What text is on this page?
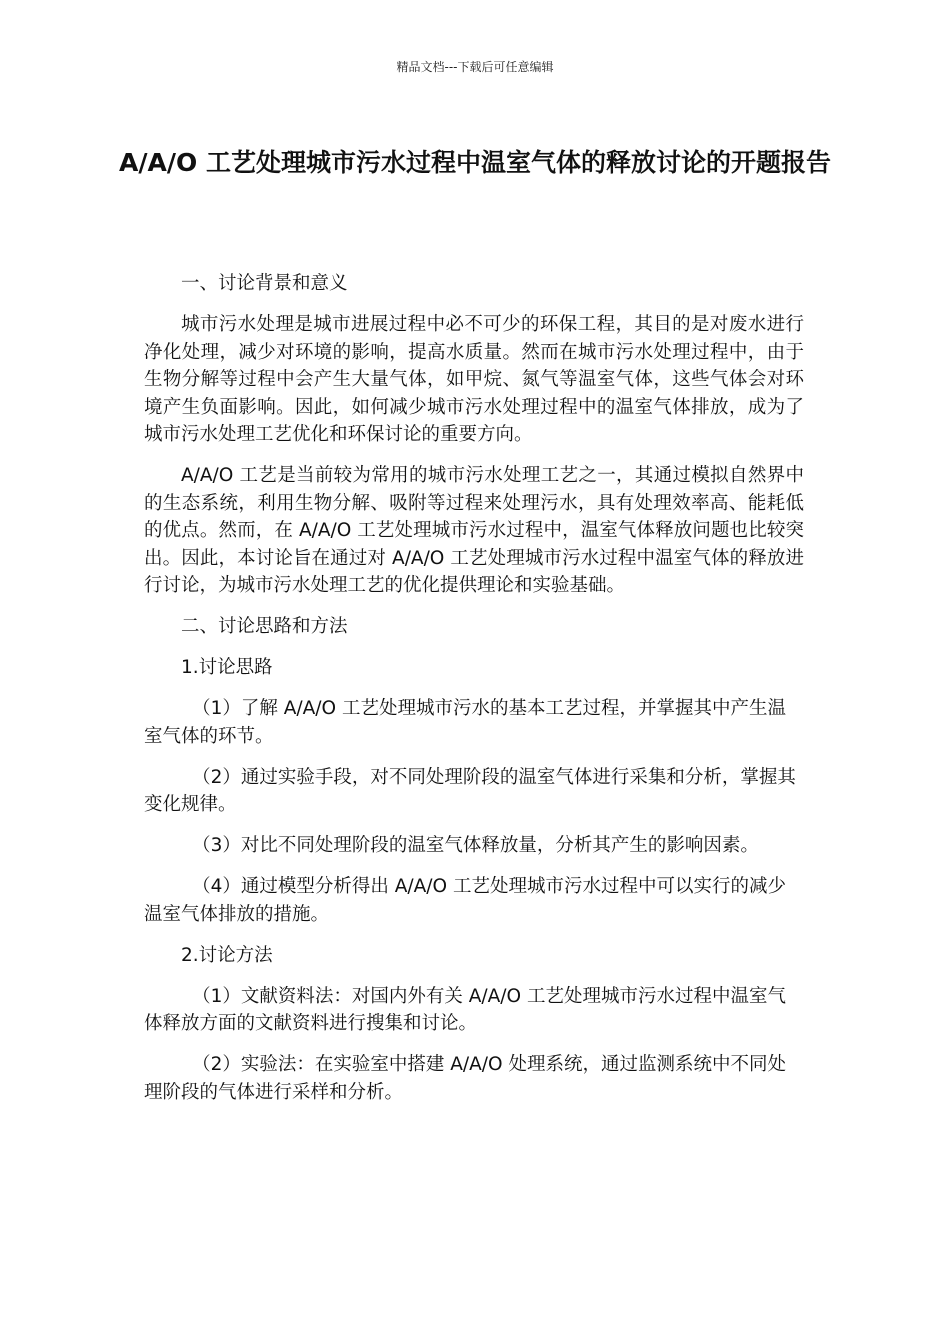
精品文档---下载后可任意编辑
A/A/O 工艺处理城市污水过程中温室气体的释放讨论的开题报告

一、讨论背景和意义

城市污水处理是城市进展过程中必不可少的环保工程，其目的是对废水进行净化处理，减少对环境的影响，提高水质量。然而在城市污水处理过程中，由于生物分解等过程中会产生大量气体，如甲烷、氮气等温室气体，这些气体会对环境产生负面影响。因此，如何减少城市污水处理过程中的温室气体排放，成为了城市污水处理工艺优化和环保讨论的重要方向。

A/A/O 工艺是当前较为常用的城市污水处理工艺之一，其通过模拟自然界中的生态系统，利用生物分解、吸附等过程来处理污水，具有处理效率高、能耗低的优点。然而，在 A/A/O 工艺处理城市污水过程中，温室气体释放问题也比较突出。因此，本讨论旨在通过对 A/A/O 工艺处理城市污水过程中温室气体的释放进行讨论，为城市污水处理工艺的优化提供理论和实验基础。

二、讨论思路和方法

1.讨论思路

（1）了解 A/A/O 工艺处理城市污水的基本工艺过程，并掌握其中产生温室气体的环节。

（2）通过实验手段，对不同处理阶段的温室气体进行采集和分析，掌握其变化规律。

（3）对比不同处理阶段的温室气体释放量，分析其产生的影响因素。

（4）通过模型分析得出 A/A/O 工艺处理城市污水过程中可以实行的减少温室气体排放的措施。

2.讨论方法

（1）文献资料法：对国内外有关 A/A/O 工艺处理城市污水过程中温室气体释放方面的文献资料进行搜集和讨论。

（2）实验法：在实验室中搭建 A/A/O 处理系统，通过监测系统中不同处理阶段的气体进行采样和分析。
